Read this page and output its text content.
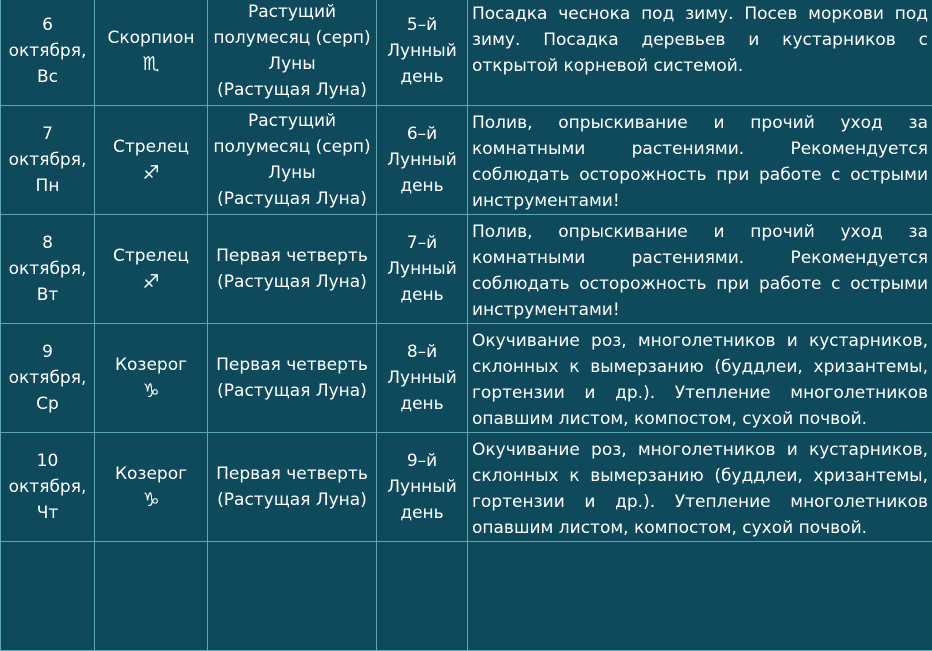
6
октября,
Вс	Скорпион
♏	Растущий
полумесяц (серп)
Луны
(Растущая Луна)	5–й
Лунный
день	Посадка чеснока под зиму. Посев моркови под зиму. Посадка деревьев и кустарников с открытой корневой системой.

7
октября,
Пн	Стрелец
♐	Растущий
полумесяц (серп)
Луны
(Растущая Луна)	6–й
Лунный
день	Полив, опрыскивание и прочий уход за комнатными растениями. Рекомендуется соблюдать осторожность при работе с острыми инструментами!

8
октября,
Вт	Стрелец
♐	Первая четверть
(Растущая Луна)	7–й
Лунный
день	Полив, опрыскивание и прочий уход за комнатными растениями. Рекомендуется соблюдать осторожность при работе с острыми инструментами!

9
октября,
Ср	Козерог
♑	Первая четверть
(Растущая Луна)	8–й
Лунный
день	Окучивание роз, многолетников и кустарников, склонных к вымерзанию (буддлеи, хризантемы, гортензии и др.). Утепление многолетников опавшим листом, компостом, сухой почвой.

10
октября,
Чт	Козерог
♑	Первая четверть
(Растущая Луна)	9–й
Лунный
день	Окучивание роз, многолетников и кустарников, склонных к вымерзанию (буддлеи, хризантемы, гортензии и др.). Утепление многолетников опавшим листом, компостом, сухой почвой.
